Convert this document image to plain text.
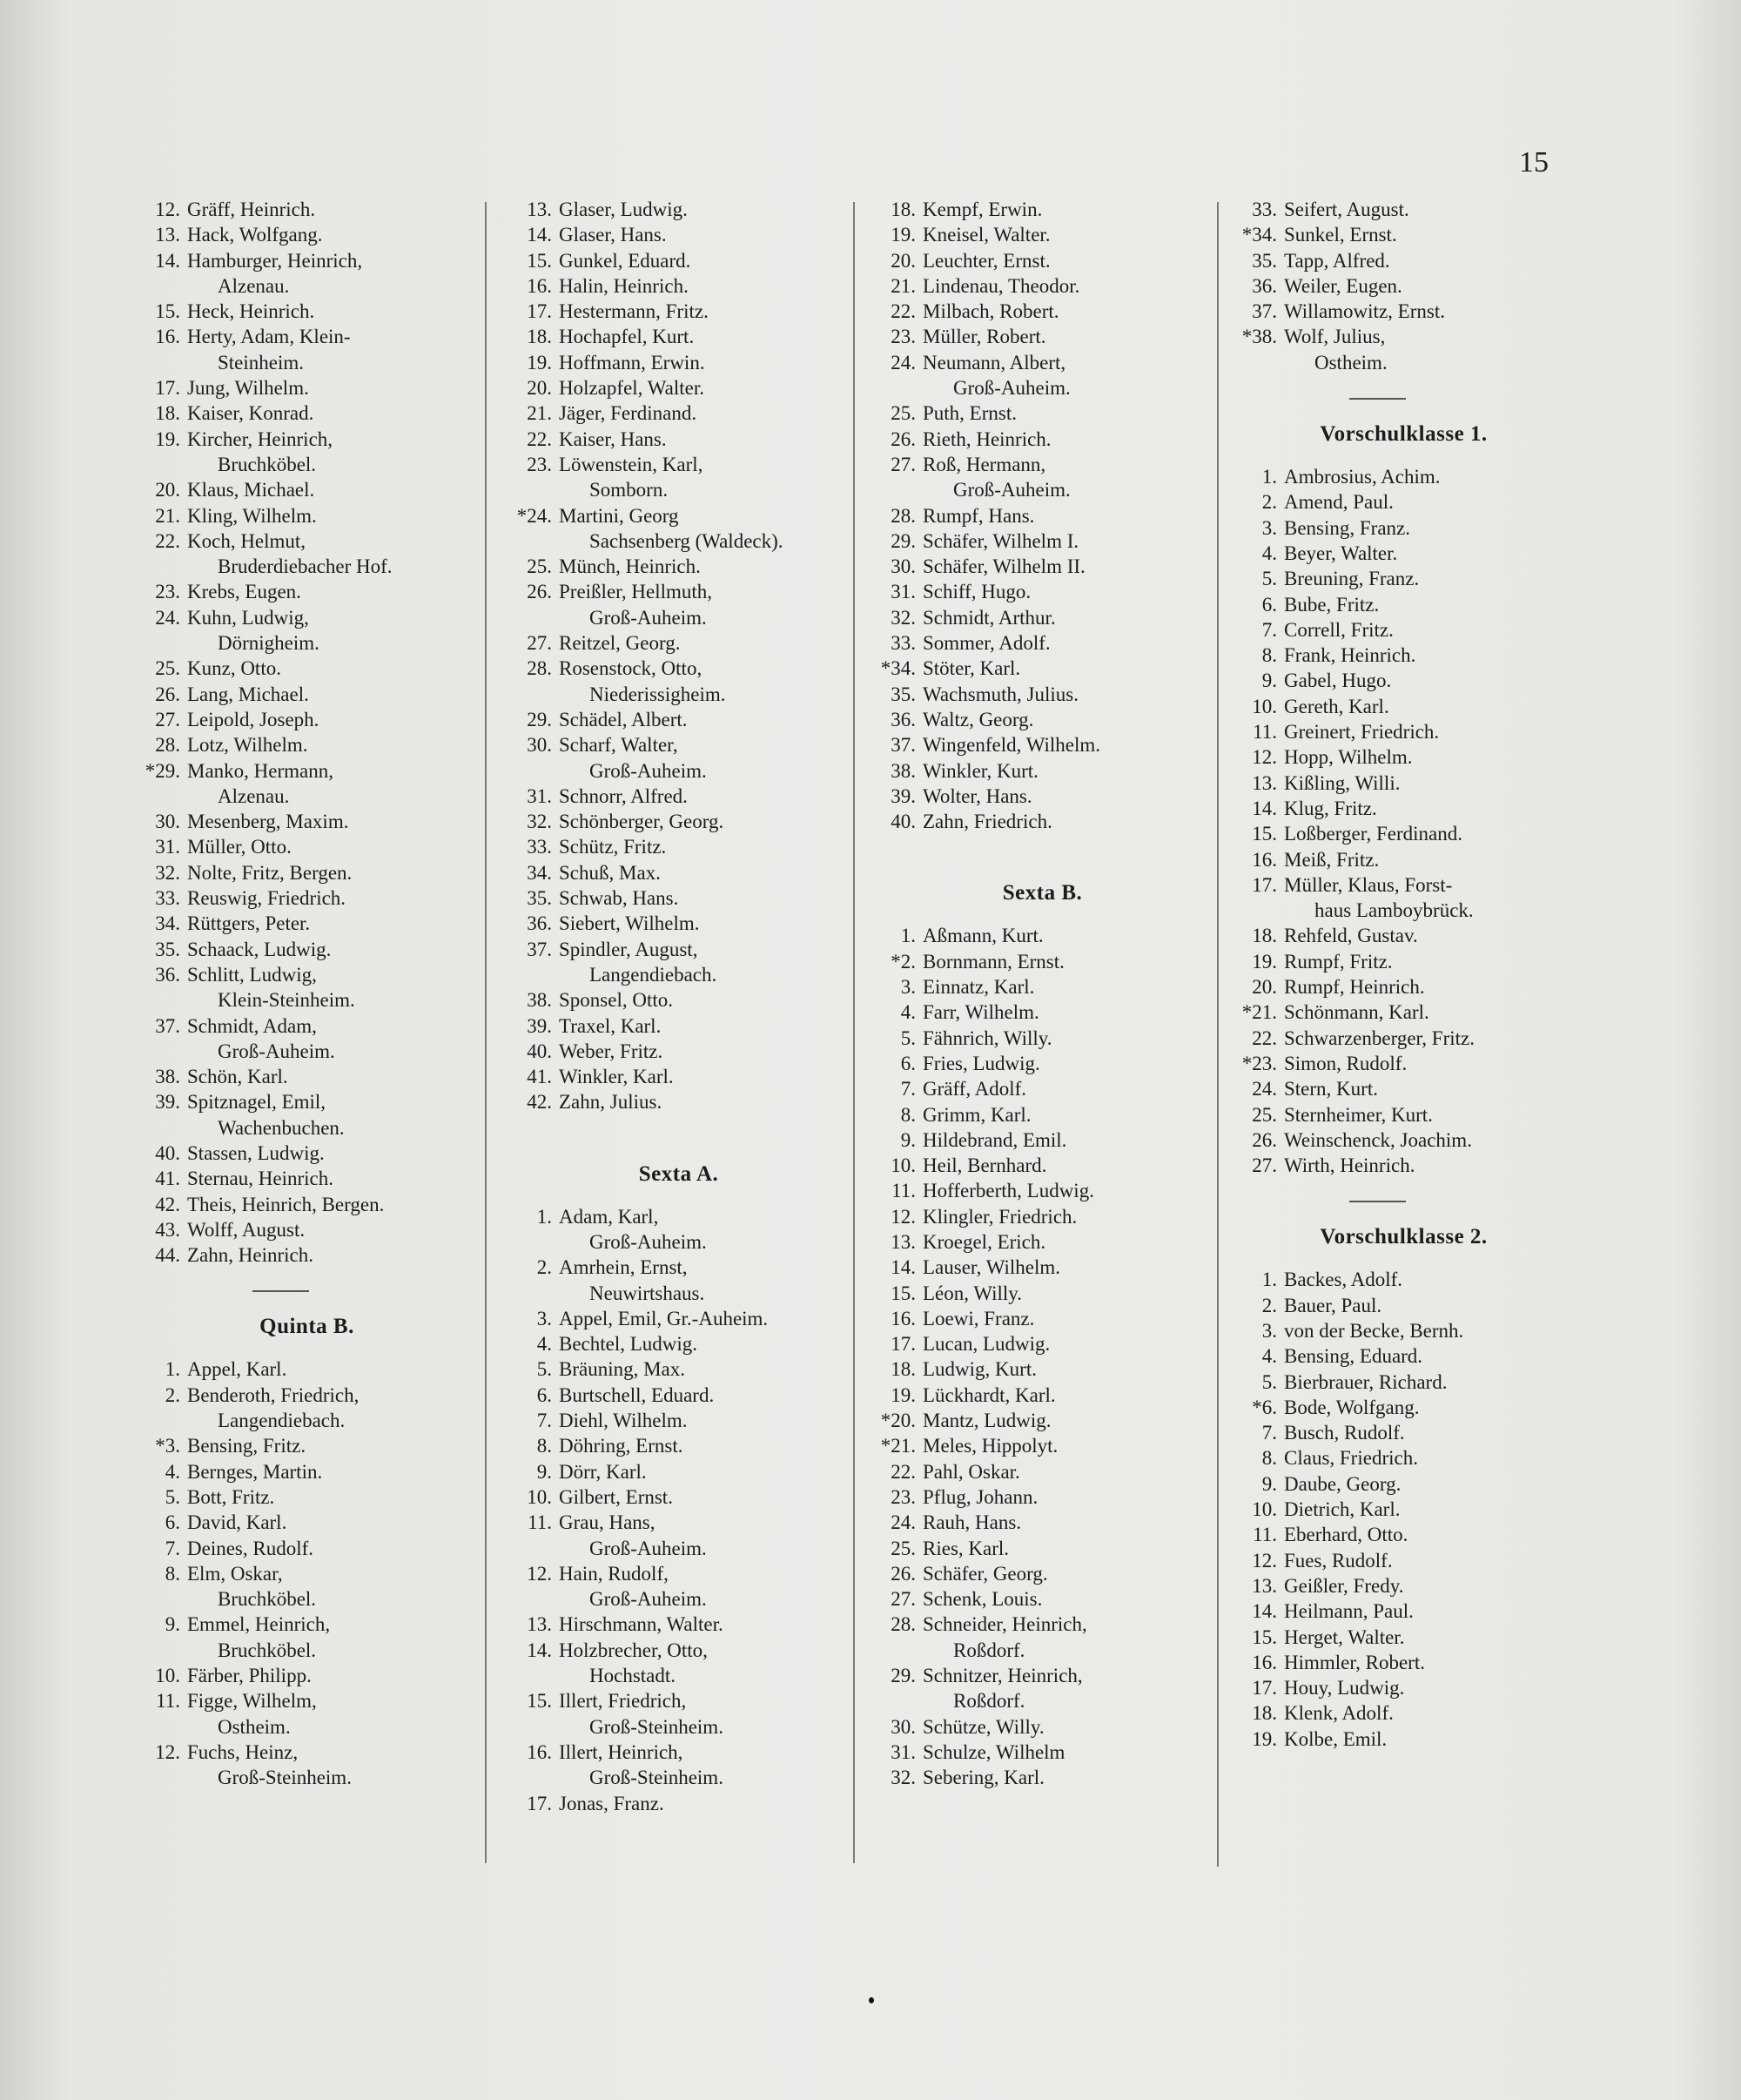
15
12. Gräff, Heinrich.
13. Hack, Wolfgang.
14. Hamburger, Heinrich,
Alzenau.
15. Heck, Heinrich.
16. Herty, Adam, Klein-
Steinheim.
17. Jung, Wilhelm.
18. Kaiser, Konrad.
19. Kircher, Heinrich,
Bruchköbel.
20. Klaus, Michael.
21. Kling, Wilhelm.
22. Koch, Helmut,
Bruderdiebacher Hof.
23. Krebs, Eugen.
24. Kuhn, Ludwig,
Dörnigheim.
25. Kunz, Otto.
26. Lang, Michael.
27. Leipold, Joseph.
28. Lotz, Wilhelm.
*29. Manko, Hermann,
Alzenau.
30. Mesenberg, Maxim.
31. Müller, Otto.
32. Nolte, Fritz, Bergen.
33. Reuswig, Friedrich.
34. Rüttgers, Peter.
35. Schaack, Ludwig.
36. Schlitt, Ludwig,
Klein-Steinheim.
37. Schmidt, Adam,
Groß-Auheim.
38. Schön, Karl.
39. Spitznagel, Emil,
Wachenbuchen.
40. Stassen, Ludwig.
41. Sternau, Heinrich.
42. Theis, Heinrich, Bergen.
43. Wolff, August.
44. Zahn, Heinrich.
Quinta B.
1. Appel, Karl.
2. Benderoth, Friedrich,
Langendiebach.
*3. Bensing, Fritz.
4. Bernges, Martin.
5. Bott, Fritz.
6. David, Karl.
7. Deines, Rudolf.
8. Elm, Oskar,
Bruchköbel.
9. Emmel, Heinrich,
Bruchköbel.
10. Färber, Philipp.
11. Figge, Wilhelm,
Ostheim.
12. Fuchs, Heinz,
Groß-Steinheim.
13. Glaser, Ludwig.
14. Glaser, Hans.
15. Gunkel, Eduard.
16. Halin, Heinrich.
17. Hestermann, Fritz.
18. Hochapfel, Kurt.
19. Hoffmann, Erwin.
20. Holzapfel, Walter.
21. Jäger, Ferdinand.
22. Kaiser, Hans.
23. Löwenstein, Karl,
Somborn.
*24. Martini, Georg
Sachsenberg (Waldeck).
25. Münch, Heinrich.
26. Preißler, Hellmuth,
Groß-Auheim.
27. Reitzel, Georg.
28. Rosenstock, Otto,
Niederissigheim.
29. Schädel, Albert.
30. Scharf, Walter,
Groß-Auheim.
31. Schnorr, Alfred.
32. Schönberger, Georg.
33. Schütz, Fritz.
34. Schuß, Max.
35. Schwab, Hans.
36. Siebert, Wilhelm.
37. Spindler, August,
Langendiebach.
38. Sponsel, Otto.
39. Traxel, Karl.
40. Weber, Fritz.
41. Winkler, Karl.
42. Zahn, Julius.
Sexta A.
1. Adam, Karl,
Groß-Auheim.
2. Amrhein, Ernst,
Neuwirtshaus.
3. Appel, Emil, Gr.-Auheim.
4. Bechtel, Ludwig.
5. Bräuning, Max.
6. Burtschell, Eduard.
7. Diehl, Wilhelm.
8. Döhring, Ernst.
9. Dörr, Karl.
10. Gilbert, Ernst.
11. Grau, Hans,
Groß-Auheim.
12. Hain, Rudolf,
Groß-Auheim.
13. Hirschmann, Walter.
14. Holzbrecher, Otto,
Hochstadt.
15. Illert, Friedrich,
Groß-Steinheim.
16. Illert, Heinrich,
Groß-Steinheim.
17. Jonas, Franz.
18. Kempf, Erwin.
19. Kneisel, Walter.
20. Leuchter, Ernst.
21. Lindenau, Theodor.
22. Milbach, Robert.
23. Müller, Robert.
24. Neumann, Albert,
Groß-Auheim.
25. Puth, Ernst.
26. Rieth, Heinrich.
27. Roß, Hermann,
Groß-Auheim.
28. Rumpf, Hans.
29. Schäfer, Wilhelm I.
30. Schäfer, Wilhelm II.
31. Schiff, Hugo.
32. Schmidt, Arthur.
33. Sommer, Adolf.
*34. Stöter, Karl.
35. Wachsmuth, Julius.
36. Waltz, Georg.
37. Wingenfeld, Wilhelm.
38. Winkler, Kurt.
39. Wolter, Hans.
40. Zahn, Friedrich.
Sexta B.
1. Aßmann, Kurt.
*2. Bornmann, Ernst.
3. Einnatz, Karl.
4. Farr, Wilhelm.
5. Fähnrich, Willy.
6. Fries, Ludwig.
7. Gräff, Adolf.
8. Grimm, Karl.
9. Hildebrand, Emil.
10. Heil, Bernhard.
11. Hofferberth, Ludwig.
12. Klingler, Friedrich.
13. Kroegel, Erich.
14. Lauser, Wilhelm.
15. Léon, Willy.
16. Loewi, Franz.
17. Lucan, Ludwig.
18. Ludwig, Kurt.
19. Lückhardt, Karl.
*20. Mantz, Ludwig.
*21. Meles, Hippolyt.
22. Pahl, Oskar.
23. Pflug, Johann.
24. Rauh, Hans.
25. Ries, Karl.
26. Schäfer, Georg.
27. Schenk, Louis.
28. Schneider, Heinrich,
Roßdorf.
29. Schnitzer, Heinrich,
Roßdorf.
30. Schütze, Willy.
31. Schulze, Wilhelm
32. Sebering, Karl.
33. Seifert, August.
*34. Sunkel, Ernst.
35. Tapp, Alfred.
36. Weiler, Eugen.
37. Willamowitz, Ernst.
*38. Wolf, Julius,
Ostheim.
Vorschulklasse 1.
1. Ambrosius, Achim.
2. Amend, Paul.
3. Bensing, Franz.
4. Beyer, Walter.
5. Breuning, Franz.
6. Bube, Fritz.
7. Correll, Fritz.
8. Frank, Heinrich.
9. Gabel, Hugo.
10. Gereth, Karl.
11. Greinert, Friedrich.
12. Hopp, Wilhelm.
13. Kißling, Willi.
14. Klug, Fritz.
15. Loßberger, Ferdinand.
16. Meiß, Fritz.
17. Müller, Klaus, Forst-
haus Lamboybrück.
18. Rehfeld, Gustav.
19. Rumpf, Fritz.
20. Rumpf, Heinrich.
*21. Schönmann, Karl.
22. Schwarzenberger, Fritz.
*23. Simon, Rudolf.
24. Stern, Kurt.
25. Sternheimer, Kurt.
26. Weinschenck, Joachim.
27. Wirth, Heinrich.
Vorschulklasse 2.
1. Backes, Adolf.
2. Bauer, Paul.
3. von der Becke, Bernh.
4. Bensing, Eduard.
5. Bierbrauer, Richard.
*6. Bode, Wolfgang.
7. Busch, Rudolf.
8. Claus, Friedrich.
9. Daube, Georg.
10. Dietrich, Karl.
11. Eberhard, Otto.
12. Fues, Rudolf.
13. Geißler, Fredy.
14. Heilmann, Paul.
15. Herget, Walter.
16. Himmler, Robert.
17. Houy, Ludwig.
18. Klenk, Adolf.
19. Kolbe, Emil.
